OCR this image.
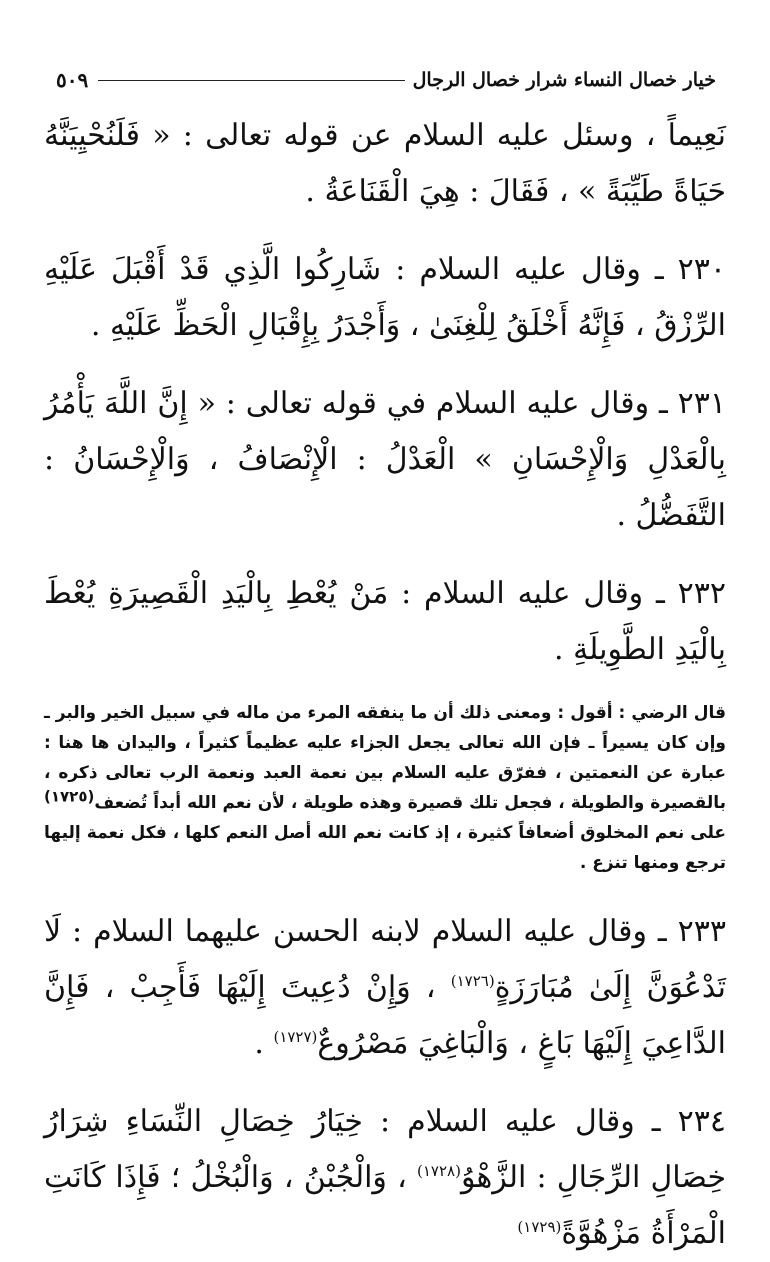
خيار خصال النساء شرار خصال الرجال
٥٠٩

نَعِيماً ، وسئل عليه السلام عن قوله تعالى : « فَلَنُحْيِيَنَّهُ حَيَاةً طَيِّبَةً » ، فَقَالَ : هِيَ الْقَنَاعَةُ .

٢٣٠ ـ وقال عليه السلام : شَارِكُوا الَّذِي قَدْ أَقْبَلَ عَلَيْهِ الرِّزْقُ ، فَإِنَّهُ أَخْلَقُ لِلْغِنَىٰ ، وَأَجْدَرُ بِإِقْبَالِ الْحَظِّ عَلَيْهِ .

٢٣١ ـ وقال عليه السلام في قوله تعالى : « إِنَّ اللَّهَ يَأْمُرُ بِالْعَدْلِ وَالْإِحْسَانِ » الْعَدْلُ : الْإِنْصَافُ ، وَالْإِحْسَانُ : التَّفَضُّلُ .

٢٣٢ ـ وقال عليه السلام : مَنْ يُعْطِ بِالْيَدِ الْقَصِيرَةِ يُعْطَ بِالْيَدِ الطَّوِيلَةِ .

قال الرضي : أقول : ومعنى ذلك أن ما ينفقه المرء من ماله في سبيل الخير والبر ـ وإن كان يسيراً ـ فإن الله تعالى يجعل الجزاء عليه عظيماً كثيراً ، واليدان ها هنا : عبارة عن النعمتين ، ففرّق عليه السلام بين نعمة العبد ونعمة الرب تعالى ذكره ، بالقصيرة والطويلة ، فجعل تلك قصيرة وهذه طويلة ، لأن نعم الله أبداً تُضعف(١٧٢٥) على نعم المخلوق أضعافاً كثيرة ، إذ كانت نعم الله أصل النعم كلها ، فكل نعمة إليها ترجع ومنها تنزع .

٢٣٣ ـ وقال عليه السلام لابنه الحسن عليهما السلام : لَا تَدْعُوَنَّ إِلَىٰ مُبَارَزَةٍ$^{(١٧٢٦)}$ ، وَإِنْ دُعِيتَ إِلَيْهَا فَأَجِبْ ، فَإِنَّ الدَّاعِيَ إِلَيْهَا بَاغٍ ، وَالْبَاغِيَ مَصْرُوعٌ$^{(١٧٢٧)}$ .

٢٣٤ ـ وقال عليه السلام : خِيَارُ خِصَالِ النِّسَاءِ شِرَارُ خِصَالِ الرِّجَالِ : الزَّهْوُ$^{(١٧٢٨)}$ ، وَالْجُبْنُ ، وَالْبُخْلُ ؛ فَإِذَا كَانَتِ الْمَرْأَةُ مَزْهُوَّةً$^{(١٧٢٩)}$
